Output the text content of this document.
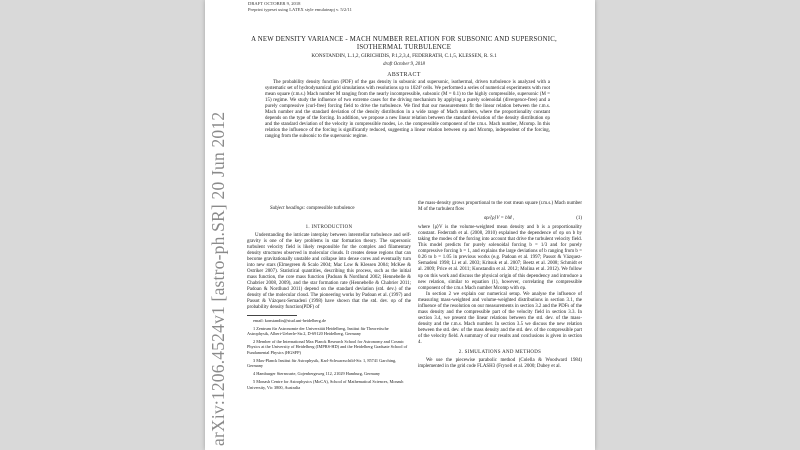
arXiv:1206.4524v1 [astro-ph.SR] 20 Jun 2012
DRAFT OCTOBER 9, 2018
Preprint typeset using LATEX style emulateapj v. 5/2/11
A NEW DENSITY VARIANCE - MACH NUMBER RELATION FOR SUBSONIC AND SUPERSONIC,
ISOTHERMAL TURBULENCE
KONSTANDIN, L.1,2, GIRICHIDIS, P.1,2,3,4, FEDERRATH, C.1,5, KLESSEN, R. S.1
draft October 9, 2018
ABSTRACT
The probability density function (PDF) of the gas density in subsonic and supersonic, isothermal, driven turbulence is analyzed with a systematic set of hydrodynamical grid simulations with resolutions up to 1024³ cells. We performed a series of numerical experiments with root mean square (r.m.s.) Mach number M ranging from the nearly incompressible, subsonic (M = 0.1) to the highly compressible, supersonic (M = 15) regime. We study the influence of two extreme cases for the driving mechanism by applying a purely solenoidal (divergence-free) and a purely compressive (curl-free) forcing field to drive the turbulence. We find that our measurements fit the linear relation between the r.m.s. Mach number and the standard deviation of the density distribution in a wide range of Mach numbers, where the proportionality constant depends on the type of the forcing. In addition, we propose a new linear relation between the standard deviation of the density distribution σρ and the standard deviation of the velocity in compressible modes, i.e. the compressible component of the r.m.s. Mach number, Mcomp. In this relation the influence of the forcing is significantly reduced, suggesting a linear relation between σρ and Mcomp, independent of the forcing, ranging from the subsonic to the supersonic regime.
Subject headings: compressible turbulence
1. INTRODUCTION
Understanding the intricate interplay between interstellar turbulence and self-gravity is one of the key problems in star formation theory. The supersonic turbulent velocity field is likely responsible for the complex and filamentary density structures observed in molecular clouds. It creates dense regions that can become gravitationally unstable and collapse into dense cores and eventually turn into new stars (Elmegreen & Scalo 2004; Mac Low & Klessen 2004; McKee & Ostriker 2007). Statistical quantities, describing this process, such as the initial mass function, the core mass function (Padoan & Nordlund 2002; Hennebelle & Chabrier 2008, 2009), and the star formation rate (Hennebelle & Chabrier 2011; Padoan & Nordlund 2011) depend on the standard deviation (std. dev.) of the density of the molecular cloud. The pioneering works by Padoan et al. (1997) and Passot & Vázquez-Semadeni (1998) have shown that the std. dev. σρ of the probability density function(PDF) of
email: konstandin@stud.uni-heidelberg.de
1 Zentrum für Astronomie der Universität Heidelberg, Institut für Theoretische Astrophysik, Albert-Ueberle-Str.2, D-69120 Heidelberg, Germany
2 Member of the International Max Planck Research School for Astronomy and Cosmic Physics at the University of Heidelberg (IMPRS-HD) and the Heidelberg Graduate School of Fundamental Physics (HGSFP)
3 Max-Planck Institut für Astrophysik, Karl-Schwarzschild-Str. 1, 85741 Garching, Germany
4 Hamburger Sternwarte, Gojenbergsweg 112, 21029 Hamburg, Germany
5 Monash Centre for Astrophysics (MoCA), School of Mathematical Sciences, Monash University, Vic 3800, Australia
the mass-density grows proportional to the root mean square (r.m.s.) Mach number M of the turbulent flow
σρ/⟨ρ⟩V = bM ,	(1)
where ⟨ρ⟩V is the volume-weighted mean density and b is a proportionality constant. Federrath et al. (2008, 2010) explained the dependence of σρ on b by taking the modes of the forcing into account that drive the turbulent velocity field. This model predicts for purely solenoidal forcing b = 1/3 and for purely compressive forcing b = 1, and explains the large deviations of b ranging from b = 0.26 to b = 1.05 in previous works (e.g. Padoan et al. 1997; Passot & Vázquez-Semadeni 1998; Li et al. 2003; Kritsuk et al. 2007; Beetz et al. 2008; Schmidt et al. 2009; Price et al. 2011; Konstandin et al. 2012; Molina et al. 2012). We follow up on this work and discuss the physical origin of this dependency and introduce a new relation, similar to equation (1), however, correlating the compressible component of the r.m.s Mach number Mcomp with σρ.
In section 2 we explain our numerical setup. We analyse the influence of measuring mass-weighted and volume-weighted distributions in section 3.1, the influence of the resolution on our measurements in section 3.2 and the PDFs of the mass density and the compressible part of the velocity field in section 3.3. In section 3.4, we present the linear relations between the std. dev. of the mass-density and the r.m.s. Mach number. In section 3.5 we discuss the new relation between the std. dev. of the mass density and the std. dev. of the compressible part of the velocity field. A summary of our results and conclusions is given in section 4.
2. SIMULATIONS AND METHODS
We use the piecewise parabolic method (Colella & Woodward 1984) implemented in the grid code FLASH3 (Fryxell et al. 2000; Dubey et al.
